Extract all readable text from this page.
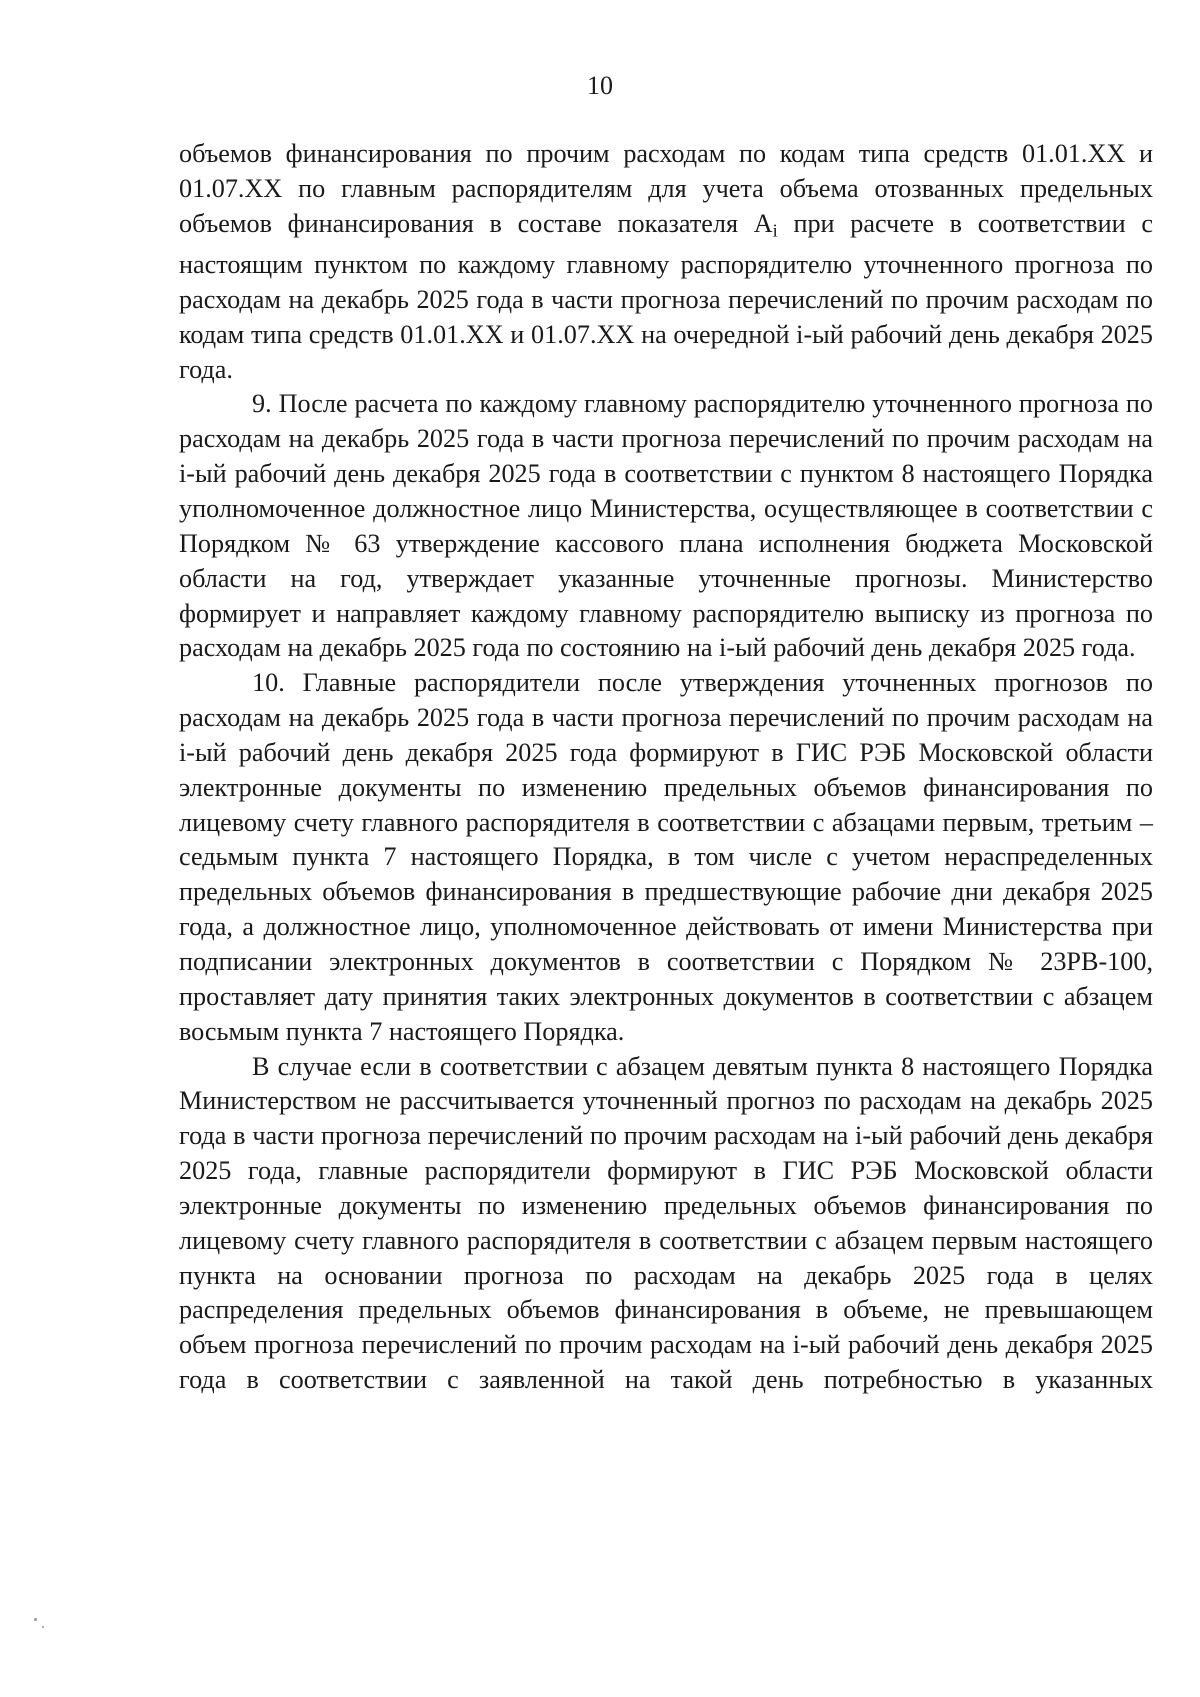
10

объемов финансирования по прочим расходам по кодам типа средств 01.01.XX и 01.07.XX по главным распорядителям для учета объема отозванных предельных объемов финансирования в составе показателя $A_i$ при расчете в соответствии с настоящим пунктом по каждому главному распорядителю уточненного прогноза по расходам на декабрь 2025 года в части прогноза перечислений по прочим расходам по кодам типа средств 01.01.XX и 01.07.XX на очередной i-ый рабочий день декабря 2025 года.

9. После расчета по каждому главному распорядителю уточненного прогноза по расходам на декабрь 2025 года в части прогноза перечислений по прочим расходам на i-ый рабочий день декабря 2025 года в соответствии с пунктом 8 настоящего Порядка уполномоченное должностное лицо Министерства, осуществляющее в соответствии с Порядком № 63 утверждение кассового плана исполнения бюджета Московской области на год, утверждает указанные уточненные прогнозы. Министерство формирует и направляет каждому главному распорядителю выписку из прогноза по расходам на декабрь 2025 года по состоянию на i-ый рабочий день декабря 2025 года.

10. Главные распорядители после утверждения уточненных прогнозов по расходам на декабрь 2025 года в части прогноза перечислений по прочим расходам на i-ый рабочий день декабря 2025 года формируют в ГИС РЭБ Московской области электронные документы по изменению предельных объемов финансирования по лицевому счету главного распорядителя в соответствии с абзацами первым, третьим – седьмым пункта 7 настоящего Порядка, в том числе с учетом нераспределенных предельных объемов финансирования в предшествующие рабочие дни декабря 2025 года, а должностное лицо, уполномоченное действовать от имени Министерства при подписании электронных документов в соответствии с Порядком № 23РВ-100, проставляет дату принятия таких электронных документов в соответствии с абзацем восьмым пункта 7 настоящего Порядка.

В случае если в соответствии с абзацем девятым пункта 8 настоящего Порядка Министерством не рассчитывается уточненный прогноз по расходам на декабрь 2025 года в части прогноза перечислений по прочим расходам на i-ый рабочий день декабря 2025 года, главные распорядители формируют в ГИС РЭБ Московской области электронные документы по изменению предельных объемов финансирования по лицевому счету главного распорядителя в соответствии с абзацем первым настоящего пункта на основании прогноза по расходам на декабрь 2025 года в целях распределения предельных объемов финансирования в объеме, не превышающем объем прогноза перечислений по прочим расходам на i-ый рабочий день декабря 2025 года в соответствии с заявленной на такой день потребностью в указанных
